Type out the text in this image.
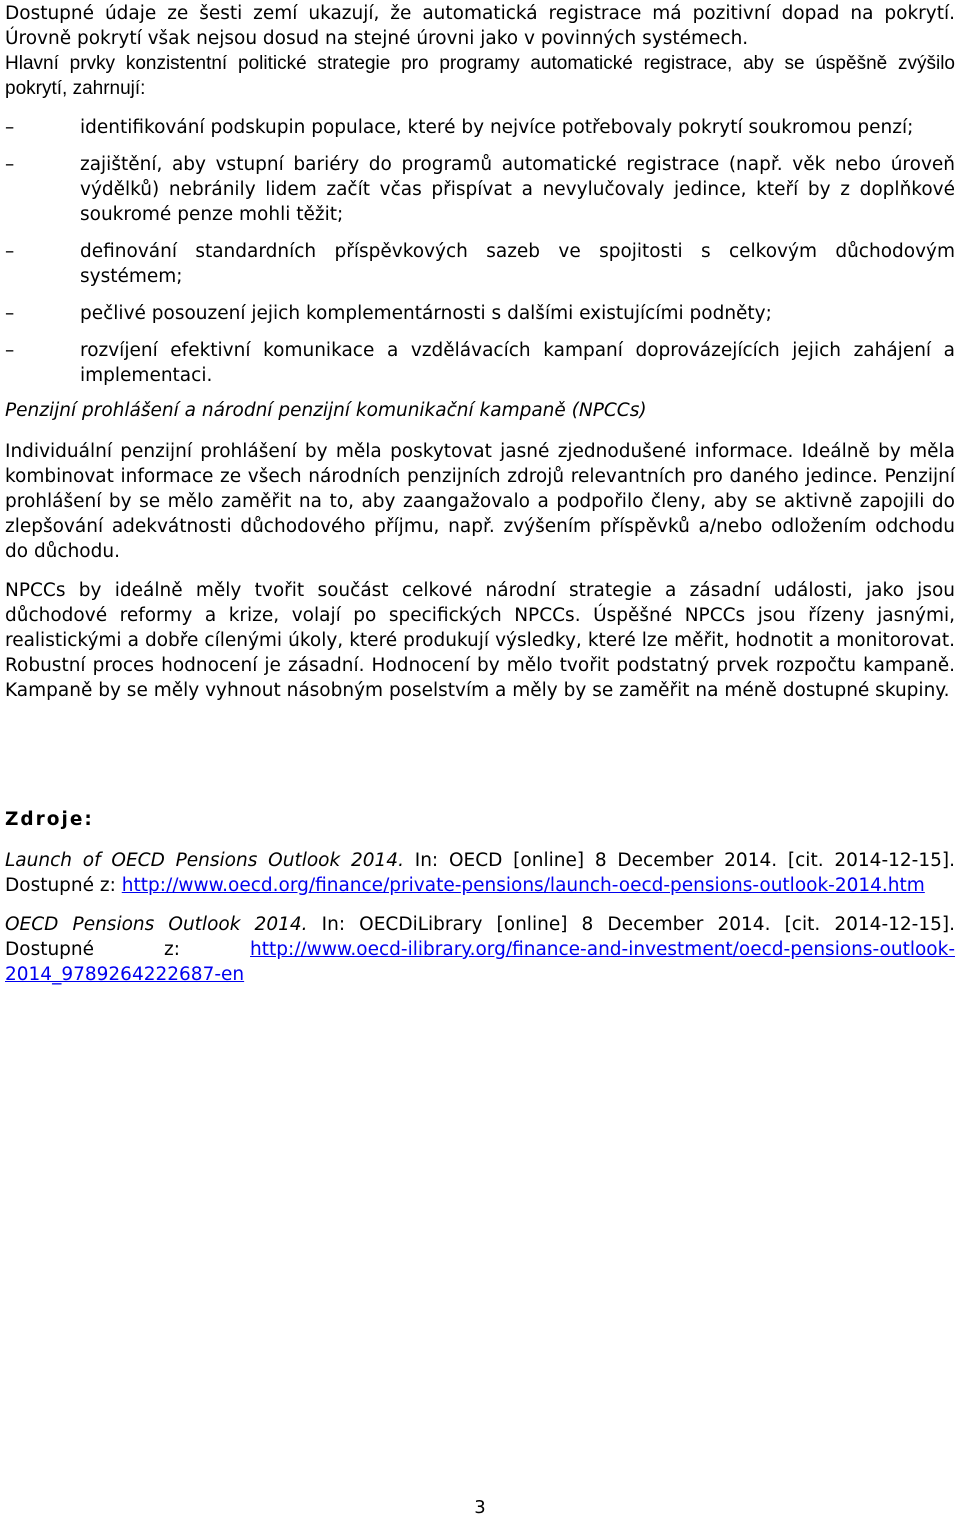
Dostupné údaje ze šesti zemí ukazují, že automatická registrace má pozitivní dopad na pokrytí. Úrovně pokrytí však nejsou dosud na stejné úrovni jako v povinných systémech.

Hlavní prvky konzistentní politické strategie pro programy automatické registrace, aby se úspěšně zvýšilo pokrytí, zahrnují:

–	identifikování podskupin populace, které by nejvíce potřebovaly pokrytí soukromou penzí;
–	zajištění, aby vstupní bariéry do programů automatické registrace (např. věk nebo úroveň výdělků) nebránily lidem začít včas přispívat a nevylučovaly jedince, kteří by z doplňkové soukromé penze mohli těžit;
–	definování standardních příspěvkových sazeb ve spojitosti s celkovým důchodovým systémem;
–	pečlivé posouzení jejich komplementárnosti s dalšími existujícími podněty;
–	rozvíjení efektivní komunikace a vzdělávacích kampaní doprovázejících jejich zahájení a implementaci.

Penzijní prohlášení a národní penzijní komunikační kampaně (NPCCs)

Individuální penzijní prohlášení by měla poskytovat jasné zjednodušené informace. Ideálně by měla kombinovat informace ze všech národních penzijních zdrojů relevantních pro daného jedince. Penzijní prohlášení by se mělo zaměřit na to, aby zaangažovalo a podpořilo členy, aby se aktivně zapojili do zlepšování adekvátnosti důchodového příjmu, např. zvýšením příspěvků a/nebo odložením odchodu do důchodu.

NPCCs by ideálně měly tvořit součást celkové národní strategie a zásadní události, jako jsou důchodové reformy a krize, volají po specifických NPCCs. Úspěšné NPCCs jsou řízeny jasnými, realistickými a dobře cílenými úkoly, které produkují výsledky, které lze měřit, hodnotit a monitorovat. Robustní proces hodnocení je zásadní. Hodnocení by mělo tvořit podstatný prvek rozpočtu kampaně. Kampaně by se měly vyhnout násobným poselstvím a měly by se zaměřit na méně dostupné skupiny.

Zdroje:

Launch of OECD Pensions Outlook 2014. In: OECD [online] 8 December 2014. [cit. 2014-12-15]. Dostupné z: http://www.oecd.org/finance/private-pensions/launch-oecd-pensions-outlook-2014.htm

OECD Pensions Outlook 2014. In: OECDiLibrary [online] 8 December 2014. [cit. 2014-12-15]. Dostupné z: http://www.oecd-ilibrary.org/finance-and-investment/oecd-pensions-outlook-2014_9789264222687-en

3
